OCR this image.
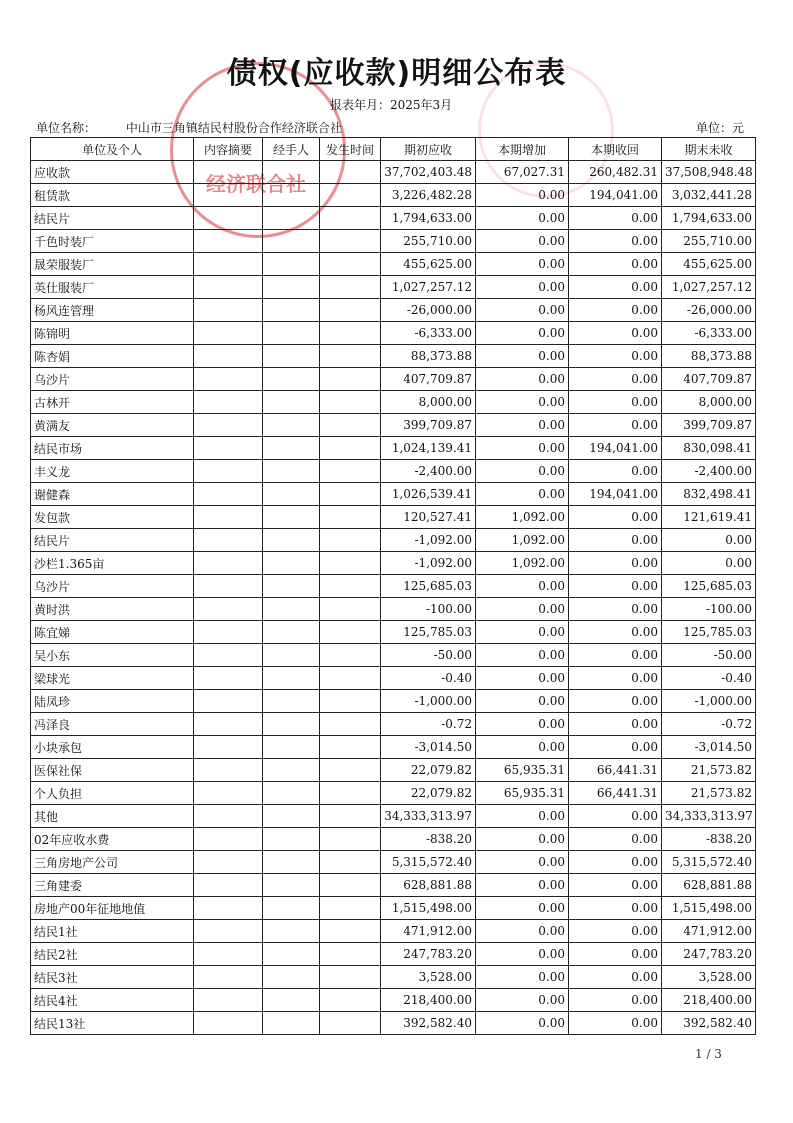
经济联合社
债权(应收款)明细公布表
报表年月：2025年3月
单位名称： 中山市三角镇结民村股份合作经济联合社	单位：元
单位及个人	内容摘要	经手人	发生时间	期初应收	本期增加	本期收回	期末未收
应收款				37,702,403.48	67,027.31	260,482.31	37,508,948.48
租赁款				3,226,482.28	0.00	194,041.00	3,032,441.28
结民片				1,794,633.00	0.00	0.00	1,794,633.00
千色时装厂				255,710.00	0.00	0.00	255,710.00
晟荣服装厂				455,625.00	0.00	0.00	455,625.00
英仕服装厂				1,027,257.12	0.00	0.00	1,027,257.12
杨风连管理				-26,000.00	0.00	0.00	-26,000.00
陈锦明				-6,333.00	0.00	0.00	-6,333.00
陈杏娟				88,373.88	0.00	0.00	88,373.88
乌沙片				407,709.87	0.00	0.00	407,709.87
古林开				8,000.00	0.00	0.00	8,000.00
黄满友				399,709.87	0.00	0.00	399,709.87
结民市场				1,024,139.41	0.00	194,041.00	830,098.41
丰义龙				-2,400.00	0.00	0.00	-2,400.00
谢健森				1,026,539.41	0.00	194,041.00	832,498.41
发包款				120,527.41	1,092.00	0.00	121,619.41
结民片				-1,092.00	1,092.00	0.00	0.00
沙栏1.365亩				-1,092.00	1,092.00	0.00	0.00
乌沙片				125,685.03	0.00	0.00	125,685.03
黄时洪				-100.00	0.00	0.00	-100.00
陈宜娣				125,785.03	0.00	0.00	125,785.03
吴小东				-50.00	0.00	0.00	-50.00
梁球光				-0.40	0.00	0.00	-0.40
陆凤珍				-1,000.00	0.00	0.00	-1,000.00
冯泽良				-0.72	0.00	0.00	-0.72
小块承包				-3,014.50	0.00	0.00	-3,014.50
医保社保				22,079.82	65,935.31	66,441.31	21,573.82
个人负担				22,079.82	65,935.31	66,441.31	21,573.82
其他				34,333,313.97	0.00	0.00	34,333,313.97
02年应收水费				-838.20	0.00	0.00	-838.20
三角房地产公司				5,315,572.40	0.00	0.00	5,315,572.40
三角建委				628,881.88	0.00	0.00	628,881.88
房地产00年征地地值				1,515,498.00	0.00	0.00	1,515,498.00
结民1社				471,912.00	0.00	0.00	471,912.00
结民2社				247,783.20	0.00	0.00	247,783.20
结民3社				3,528.00	0.00	0.00	3,528.00
结民4社				218,400.00	0.00	0.00	218,400.00
结民13社				392,582.40	0.00	0.00	392,582.40
1 / 3
